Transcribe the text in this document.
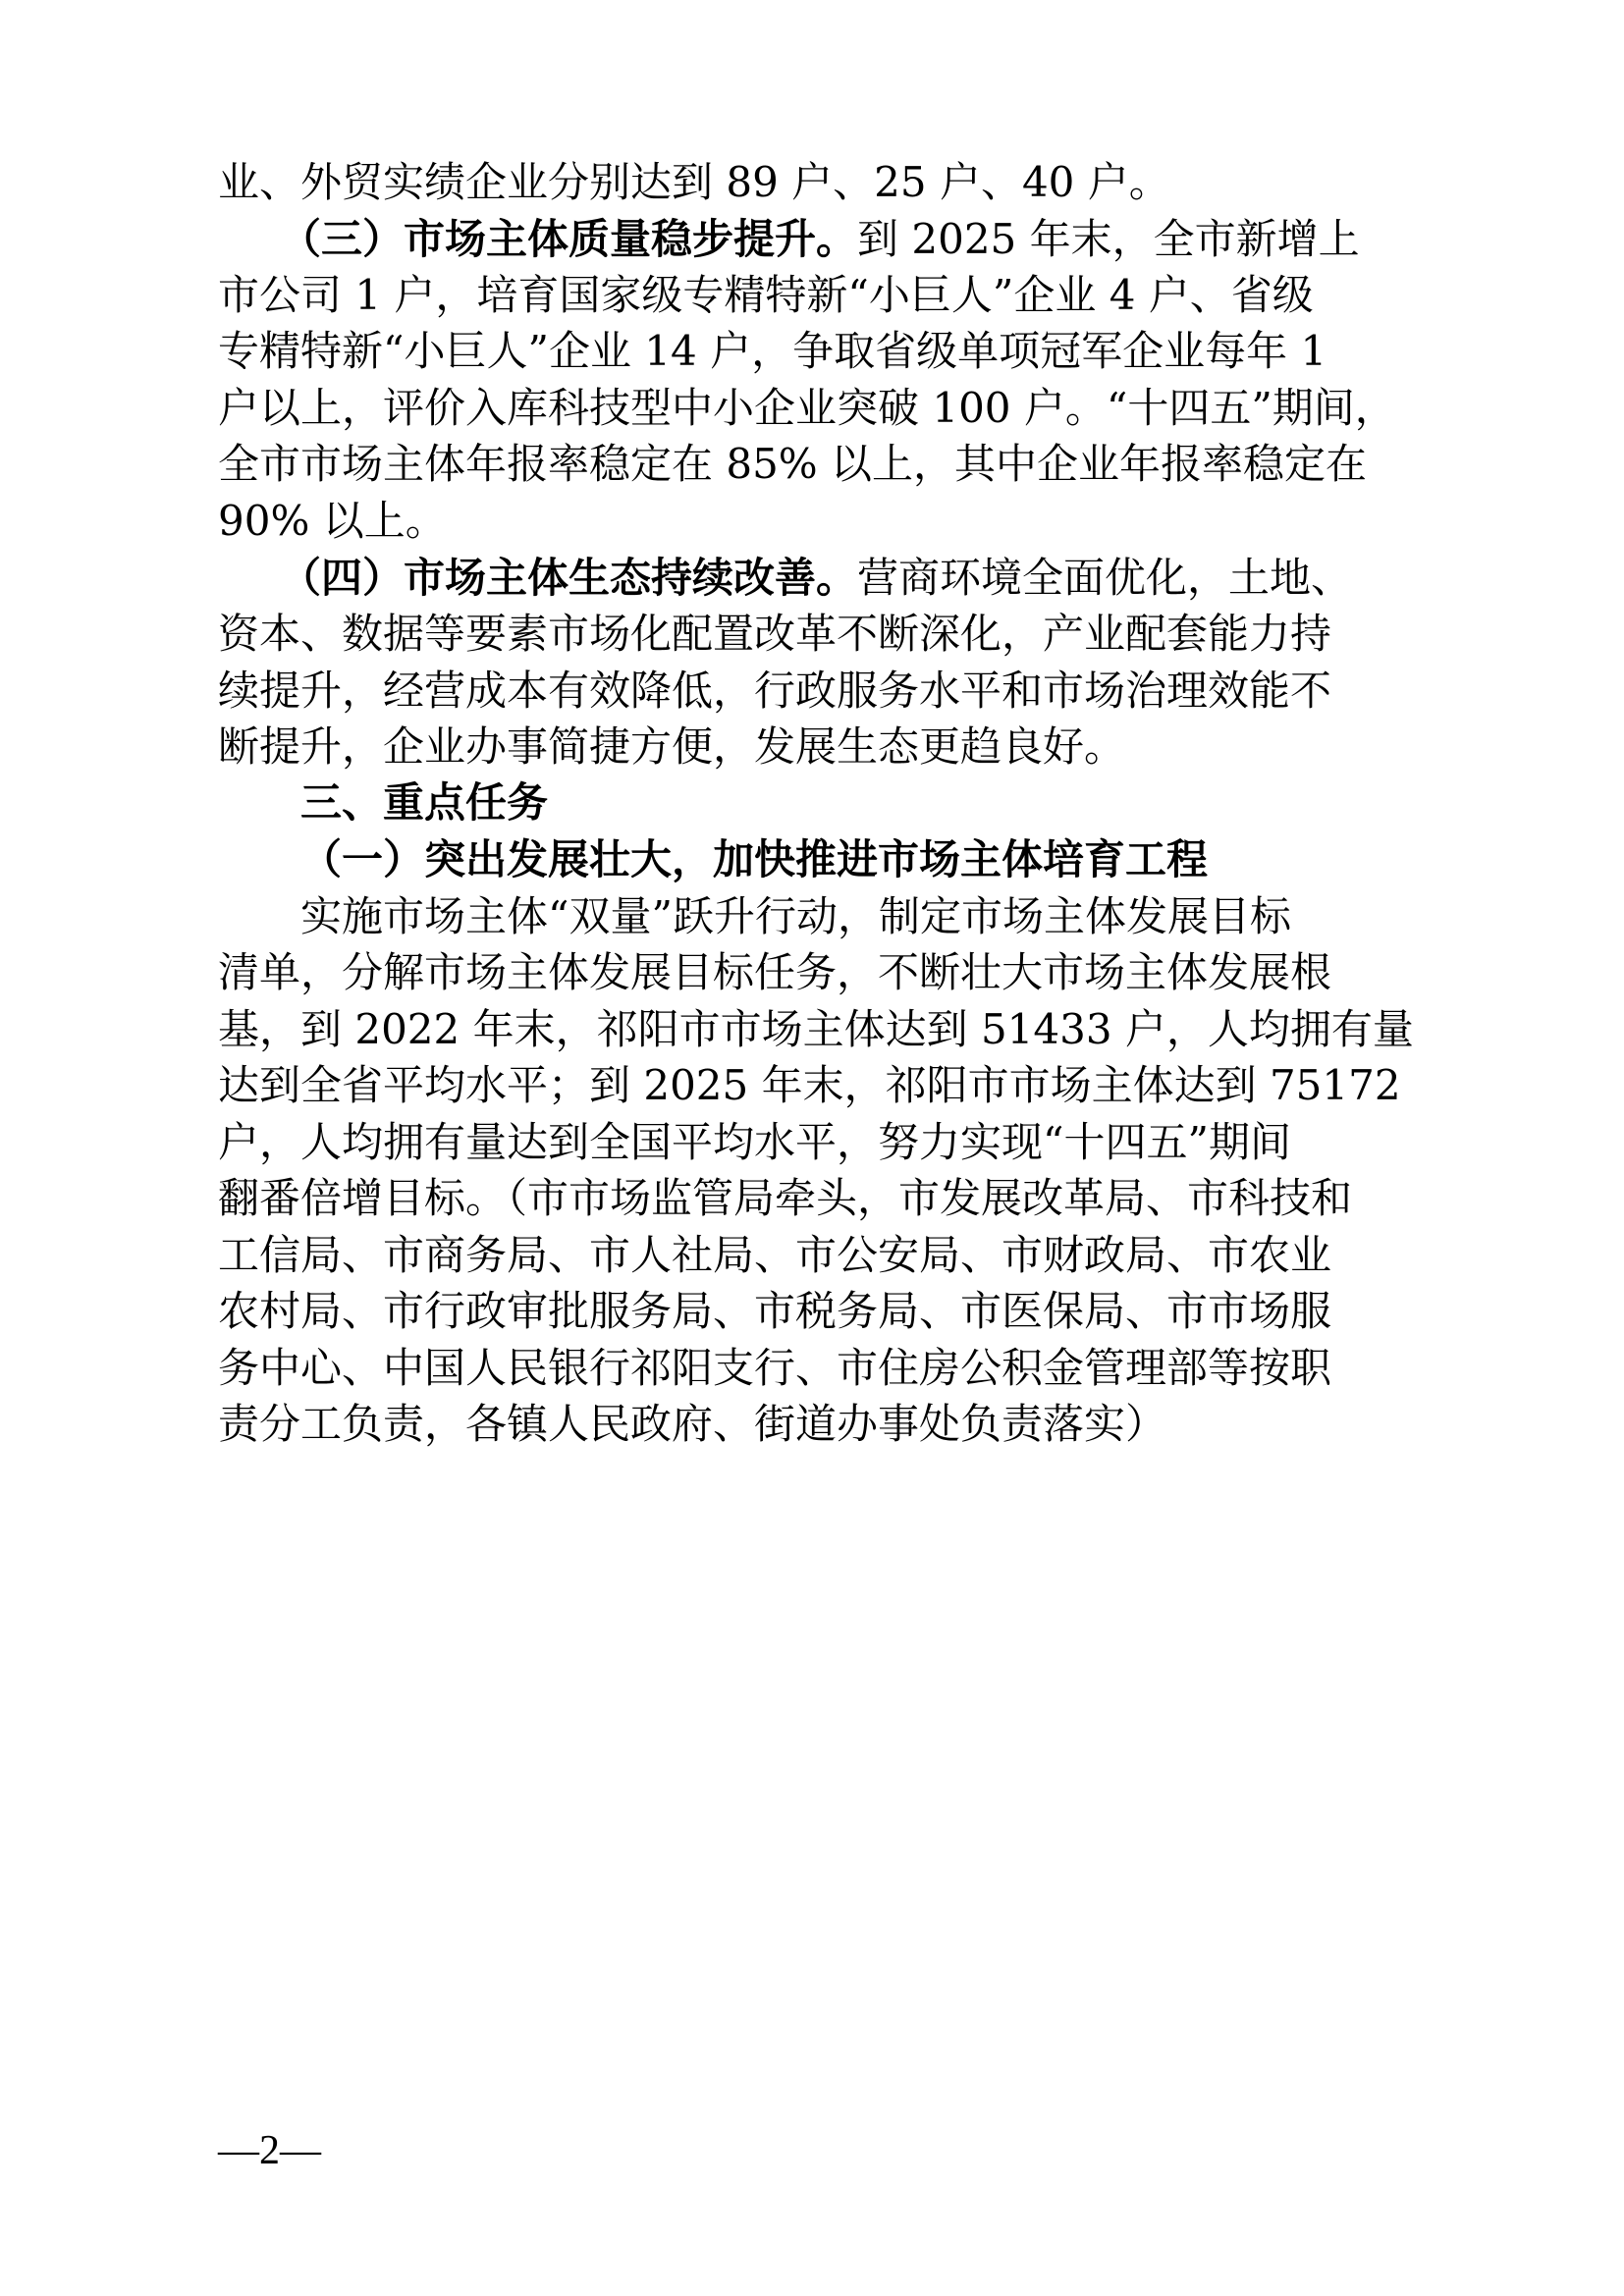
业、外贸实绩企业分别达到 89 户、25 户、40 户。
　　（三）市场主体质量稳步提升。到 2025 年末，全市新增上
市公司 1 户，培育国家级专精特新“小巨人”企业 4 户、省级
专精特新“小巨人”企业 14 户，争取省级单项冠军企业每年 1
户以上，评价入库科技型中小企业突破 100 户。“十四五”期间，
全市市场主体年报率稳定在 85% 以上，其中企业年报率稳定在
90% 以上。
　　（四）市场主体生态持续改善。营商环境全面优化，土地、
资本、数据等要素市场化配置改革不断深化，产业配套能力持
续提升，经营成本有效降低，行政服务水平和市场治理效能不
断提升，企业办事简捷方便，发展生态更趋良好。
三、重点任务
（一）突出发展壮大，加快推进市场主体培育工程
　　实施市场主体“双量”跃升行动，制定市场主体发展目标
清单，分解市场主体发展目标任务，不断壮大市场主体发展根
基，到 2022 年末，祁阳市市场主体达到 51433 户，人均拥有量
达到全省平均水平；到 2025 年末，祁阳市市场主体达到 75172
户，人均拥有量达到全国平均水平，努力实现“十四五”期间
翻番倍增目标。（市市场监管局牵头，市发展改革局、市科技和
工信局、市商务局、市人社局、市公安局、市财政局、市农业
农村局、市行政审批服务局、市税务局、市医保局、市市场服
务中心、中国人民银行祁阳支行、市住房公积金管理部等按职
责分工负责，各镇人民政府、街道办事处负责落实）
—2—
